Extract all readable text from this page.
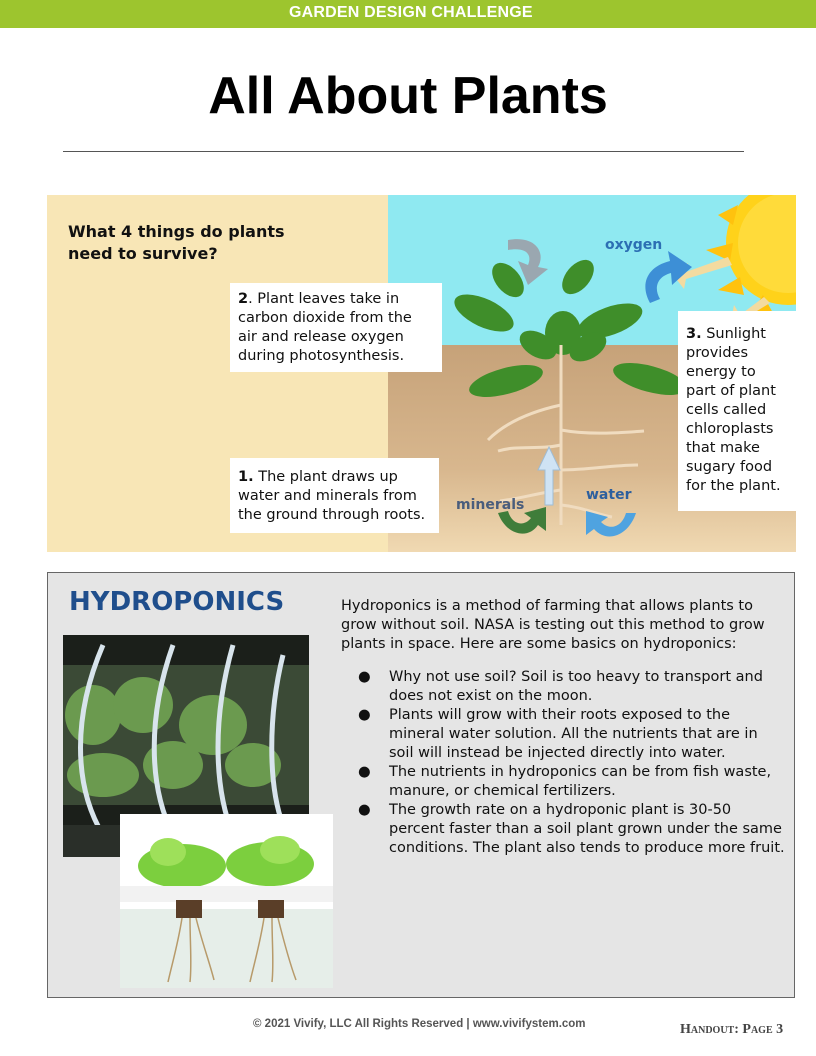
GARDEN DESIGN CHALLENGE
All About Plants
What 4 things do plants need to survive?
2. Plant leaves take in carbon dioxide from the air and release oxygen during photosynthesis.
1. The plant draws up water and minerals from the ground through roots.
3. Sunlight provides energy to part of plant cells called chloroplasts that make sugary food for the plant.
oxygen
minerals
water
HYDROPONICS	Hydroponics is a method of farming that allows plants to grow without soil. NASA is testing out this method to grow plants in space. Here are some basics on hydroponics:

● Why not use soil? Soil is too heavy to transport and does not exist on the moon.
● Plants will grow with their roots exposed to the mineral water solution. All the nutrients that are in soil will instead be injected directly into water.
● The nutrients in hydroponics can be from fish waste, manure, or chemical fertilizers.
● The growth rate on a hydroponic plant is 30-50 percent faster than a soil plant grown under the same conditions. The plant also tends to produce more fruit.
© 2021 Vivify, LLC All Rights Reserved | www.vivifystem.com	Handout: Page 3
